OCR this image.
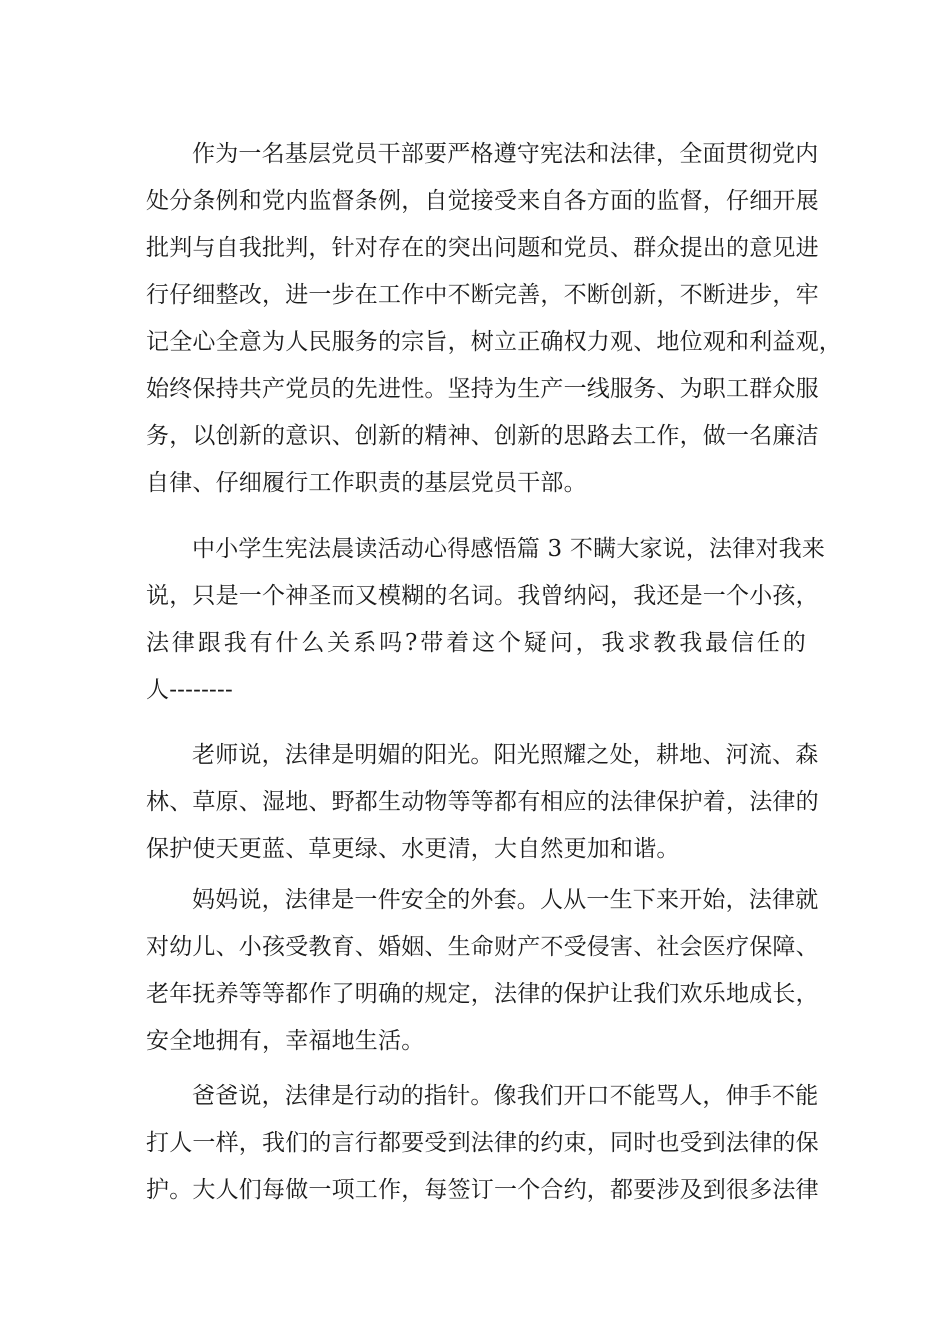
作为一名基层党员干部要严格遵守宪法和法律，全面贯彻党内
处分条例和党内监督条例，自觉接受来自各方面的监督，仔细开展
批判与自我批判，针对存在的突出问题和党员、群众提出的意见进
行仔细整改，进一步在工作中不断完善，不断创新，不断进步，牢
记全心全意为人民服务的宗旨，树立正确权力观、地位观和利益观，
始终保持共产党员的先进性。坚持为生产一线服务、为职工群众服
务，以创新的意识、创新的精神、创新的思路去工作，做一名廉洁
自律、仔细履行工作职责的基层党员干部。
中小学生宪法晨读活动心得感悟篇 3 不瞒大家说，法律对我来
说，只是一个神圣而又模糊的名词。我曾纳闷，我还是一个小孩，
法律跟我有什么关系吗?带着这个疑问，我求教我最信任的
人--------
老师说，法律是明媚的阳光。阳光照耀之处，耕地、河流、森
林、草原、湿地、野都生动物等等都有相应的法律保护着，法律的
保护使天更蓝、草更绿、水更清，大自然更加和谐。
妈妈说，法律是一件安全的外套。人从一生下来开始，法律就
对幼儿、小孩受教育、婚姻、生命财产不受侵害、社会医疗保障、
老年抚养等等都作了明确的规定，法律的保护让我们欢乐地成长，
安全地拥有，幸福地生活。
爸爸说，法律是行动的指针。像我们开口不能骂人，伸手不能
打人一样，我们的言行都要受到法律的约束，同时也受到法律的保
护。大人们每做一项工作，每签订一个合约，都要涉及到很多法律
